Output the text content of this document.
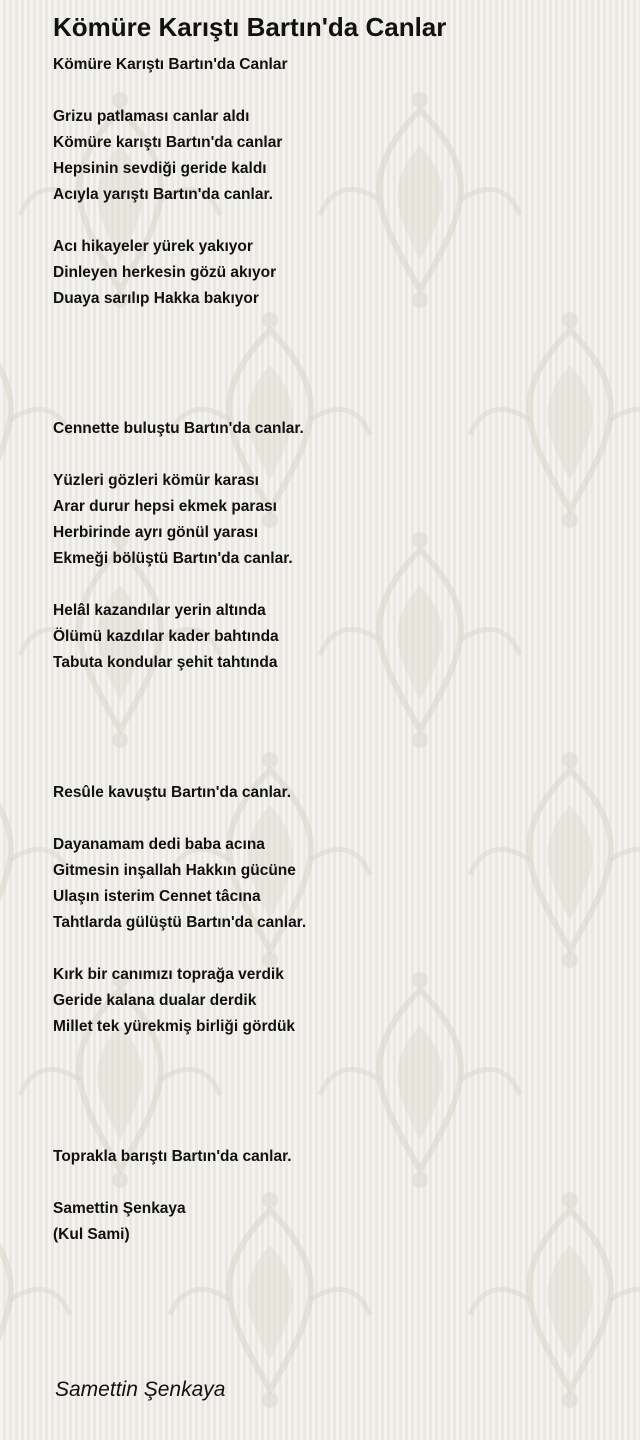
Kömüre Karıştı Bartın'da Canlar
Kömüre Karıştı Bartın'da Canlar
Grizu patlaması canlar aldı
Kömüre karıştı Bartın'da canlar
Hepsinin sevdiği geride kaldı
Acıyla yarıştı Bartın'da canlar.
Acı hikayeler yürek yakıyor
Dinleyen herkesin gözü akıyor
Duaya sarılıp Hakka bakıyor
Cennette buluştu Bartın'da canlar.
Yüzleri gözleri kömür karası
Arar durur hepsi ekmek parası
Herbirinde ayrı gönül yarası
Ekmeği bölüştü Bartın'da canlar.
Helâl kazandılar yerin altında
Ölümü kazdılar kader bahtında
Tabuta kondular şehit tahtında
Resûle kavuştu Bartın'da canlar.
Dayanamam dedi baba acına
Gitmesin inşallah Hakkın gücüne
Ulaşın isterim Cennet tâcına
Tahtlarda gülüştü Bartın'da canlar.
Kırk bir canımızı toprağa verdik
Geride kalana dualar derdik
Millet tek yürekmiş birliği gördük
Toprakla barıştı Bartın'da canlar.
Samettin Şenkaya
(Kul Sami)
Samettin Şenkaya
